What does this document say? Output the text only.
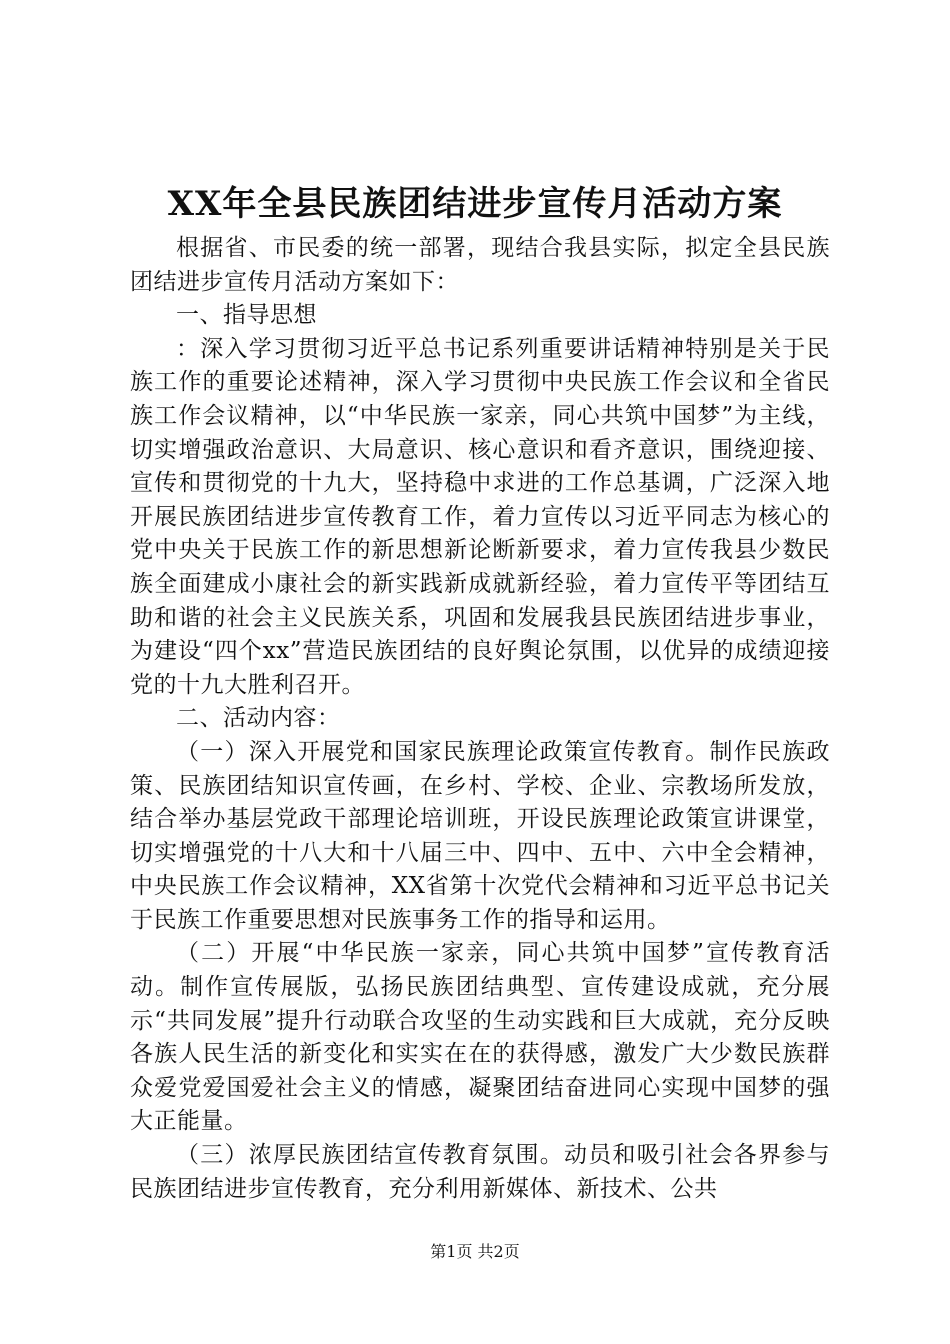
XX年全县民族团结进步宣传月活动方案

根据省、市民委的统一部署，现结合我县实际，拟定全县民族团结进步宣传月活动方案如下：

一、指导思想

：深入学习贯彻习近平总书记系列重要讲话精神特别是关于民族工作的重要论述精神，深入学习贯彻中央民族工作会议和全省民族工作会议精神，以“中华民族一家亲，同心共筑中国梦”为主线，切实增强政治意识、大局意识、核心意识和看齐意识，围绕迎接、宣传和贯彻党的十九大，坚持稳中求进的工作总基调，广泛深入地开展民族团结进步宣传教育工作，着力宣传以习近平同志为核心的党中央关于民族工作的新思想新论断新要求，着力宣传我县少数民族全面建成小康社会的新实践新成就新经验，着力宣传平等团结互助和谐的社会主义民族关系，巩固和发展我县民族团结进步事业，为建设“四个xx”营造民族团结的良好舆论氛围，以优异的成绩迎接党的十九大胜利召开。

二、活动内容：

（一）深入开展党和国家民族理论政策宣传教育。制作民族政策、民族团结知识宣传画，在乡村、学校、企业、宗教场所发放，结合举办基层党政干部理论培训班，开设民族理论政策宣讲课堂，切实增强党的十八大和十八届三中、四中、五中、六中全会精神，中央民族工作会议精神，XX省第十次党代会精神和习近平总书记关于民族工作重要思想对民族事务工作的指导和运用。

（二）开展“中华民族一家亲，同心共筑中国梦”宣传教育活动。制作宣传展版，弘扬民族团结典型、宣传建设成就，充分展示“共同发展”提升行动联合攻坚的生动实践和巨大成就，充分反映各族人民生活的新变化和实实在在的获得感，激发广大少数民族群众爱党爱国爱社会主义的情感，凝聚团结奋进同心实现中国梦的强大正能量。

（三）浓厚民族团结宣传教育氛围。动员和吸引社会各界参与民族团结进步宣传教育，充分利用新媒体、新技术、公共

第1页 共2页
